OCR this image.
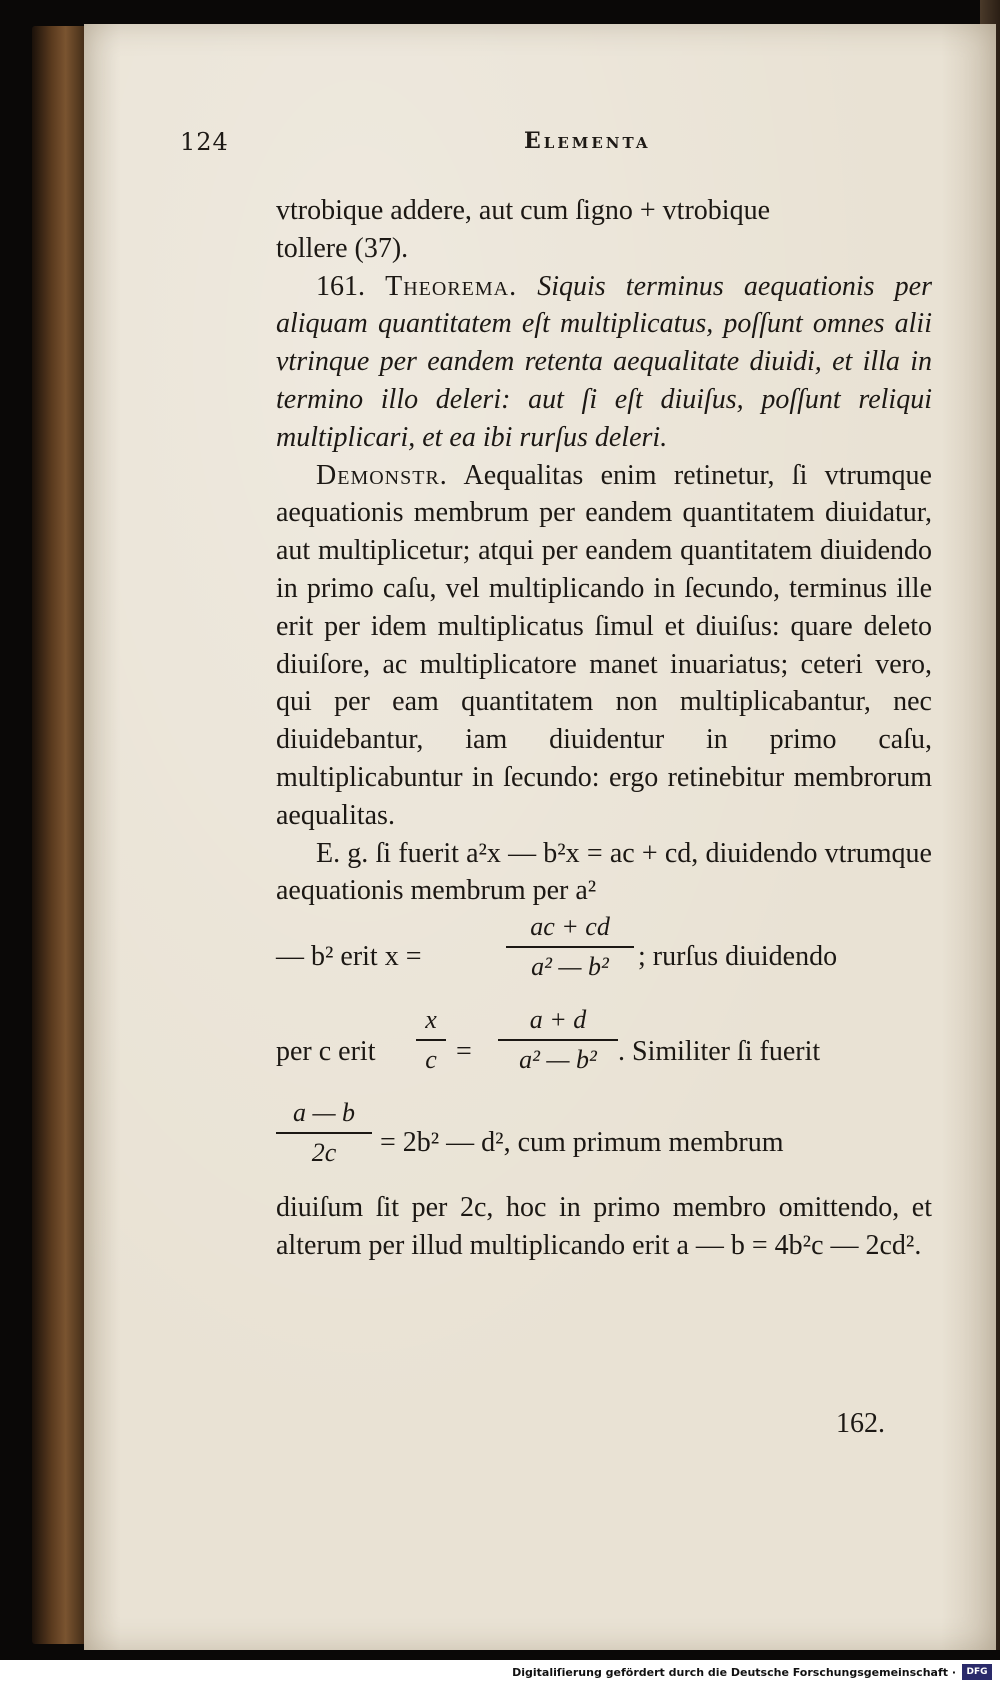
124	Elementa

vtrobique addere, aut cum ſigno + vtrobique

tollere (37).

161. Theorema. Siquis terminus aequationis per aliquam quantitatem eſt multiplicatus, poſſunt omnes alii vtrinque per eandem retenta aequalitate diuidi, et illa in termino illo deleri: aut ſi eſt diuiſus, poſſunt reliqui multiplicari, et ea ibi rurſus deleri.

Demonstr. Aequalitas enim retinetur, ſi vtrumque aequationis membrum per eandem quantitatem diuidatur, aut multiplicetur; atqui per eandem quantitatem diuidendo in primo caſu, vel multiplicando in ſecundo, terminus ille erit per idem multiplicatus ſimul et diuiſus: quare deleto diuiſore, ac multiplicatore manet inuariatus; ceteri vero, qui per eam quantitatem non multiplicabantur, nec diuidebantur, iam diuidentur in primo caſu, multiplicabuntur in ſecundo: ergo retinebitur membrorum aequalitas.

E. g. ſi fuerit a²x — b²x = ac + cd, diuidendo vtrumque aequationis membrum per a²

— b² erit x =
ac + cd
a² — b²	; rurſus diuidendo
per c erit
x
c =
a + d
a² — b² . Similiter ſi fuerit
a — b
2c	= 2b² — d², cum primum membrum

diuiſum ſit per 2c, hoc in primo membro omittendo, et alterum per illud multiplicando erit a — b = 4b²c — 2cd².

162.
Digitaliſierung gefördert durch die Deutsche Forschungsgemeinschaft ·	DFG
